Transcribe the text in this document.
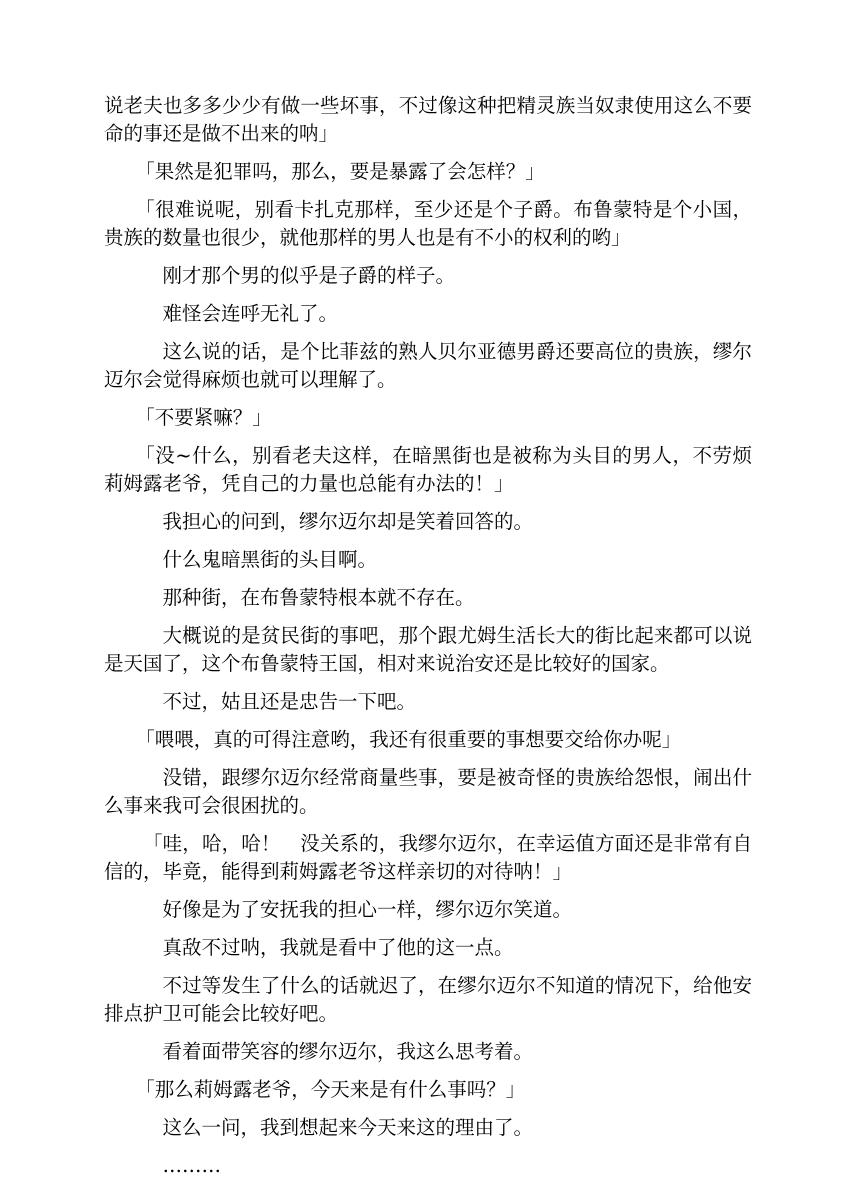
说老夫也多多少少有做一些坏事，不过像这种把精灵族当奴隶使用这么不要命的事还是做不出来的呐」

「果然是犯罪吗，那么，要是暴露了会怎样？」

「很难说呢，别看卡扎克那样，至少还是个子爵。布鲁蒙特是个小国，贵族的数量也很少，就他那样的男人也是有不小的权利的哟」

刚才那个男的似乎是子爵的样子。

难怪会连呼无礼了。

这么说的话，是个比菲兹的熟人贝尔亚德男爵还要高位的贵族，缪尔迈尔会觉得麻烦也就可以理解了。

「不要紧嘛？」

「没~什么，别看老夫这样，在暗黑街也是被称为头目的男人，不劳烦莉姆露老爷，凭自己的力量也总能有办法的！」

我担心的问到，缪尔迈尔却是笑着回答的。

什么鬼暗黑街的头目啊。

那种街，在布鲁蒙特根本就不存在。

大概说的是贫民街的事吧，那个跟尤姆生活长大的街比起来都可以说是天国了，这个布鲁蒙特王国，相对来说治安还是比较好的国家。

不过，姑且还是忠告一下吧。

「喂喂，真的可得注意哟，我还有很重要的事想要交给你办呢」

没错，跟缪尔迈尔经常商量些事，要是被奇怪的贵族给怨恨，闹出什么事来我可会很困扰的。

「哇，哈，哈！　没关系的，我缪尔迈尔，在幸运值方面还是非常有自信的，毕竟，能得到莉姆露老爷这样亲切的对待呐！」

好像是为了安抚我的担心一样，缪尔迈尔笑道。

真敌不过呐，我就是看中了他的这一点。

不过等发生了什么的话就迟了，在缪尔迈尔不知道的情况下，给他安排点护卫可能会比较好吧。

看着面带笑容的缪尔迈尔，我这么思考着。

「那么莉姆露老爷，今天来是有什么事吗？」

这么一问，我到想起来今天来这的理由了。

………
